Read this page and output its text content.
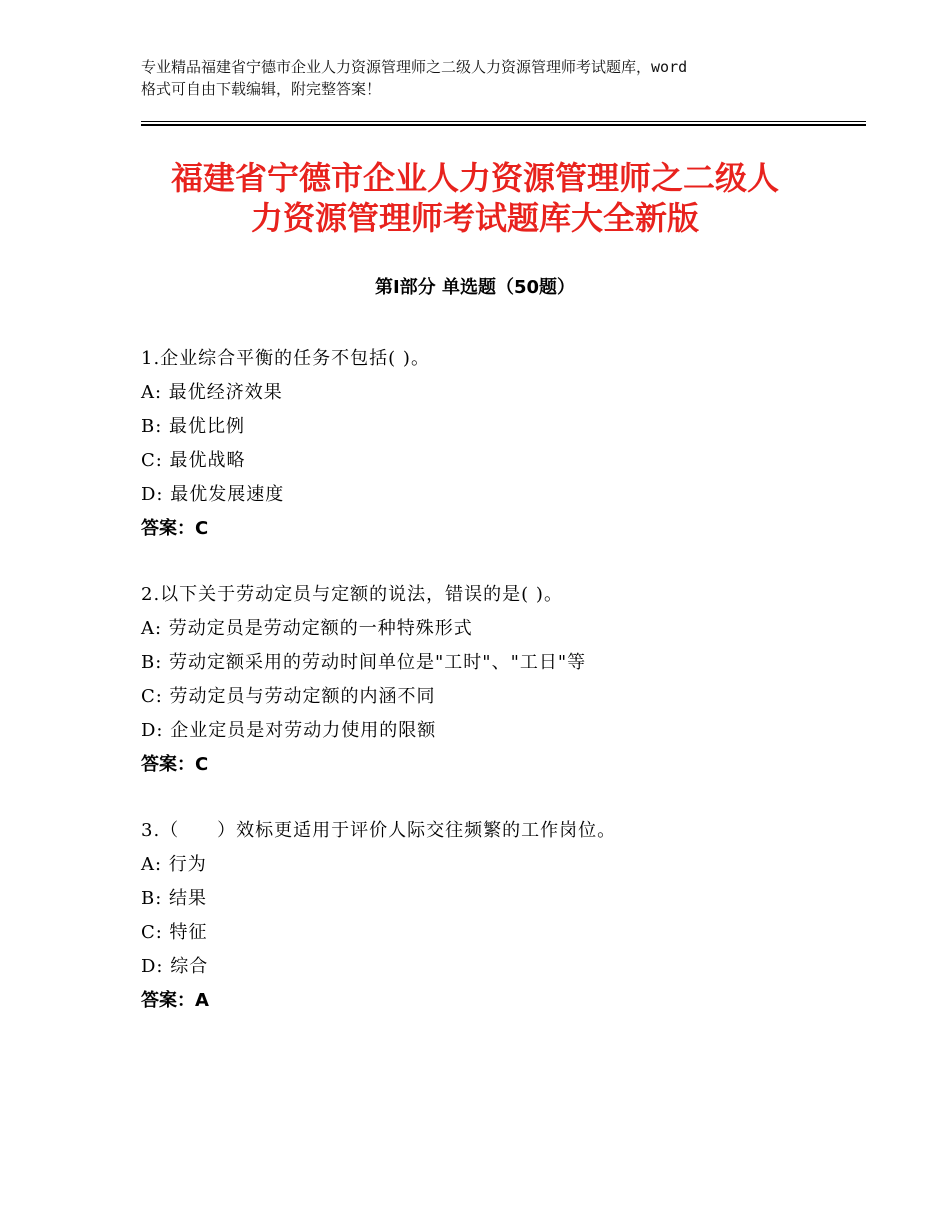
专业精品福建省宁德市企业人力资源管理师之二级人力资源管理师考试题库，word
格式可自由下载编辑，附完整答案！
福建省宁德市企业人力资源管理师之二级人
力资源管理师考试题库大全新版
第Ⅰ部分 单选题（50题）
1.企业综合平衡的任务不包括( )。
A: 最优经济效果
B: 最优比例
C: 最优战略
D: 最优发展速度
答案：C
2.以下关于劳动定员与定额的说法，错误的是( )。
A: 劳动定员是劳动定额的一种特殊形式
B: 劳动定额采用的劳动时间单位是"工时"、"工日"等
C: 劳动定员与劳动定额的内涵不同
D: 企业定员是对劳动力使用的限额
答案：C
3.（　　）效标更适用于评价人际交往频繁的工作岗位。
A: 行为
B: 结果
C: 特征
D: 综合
答案：A
